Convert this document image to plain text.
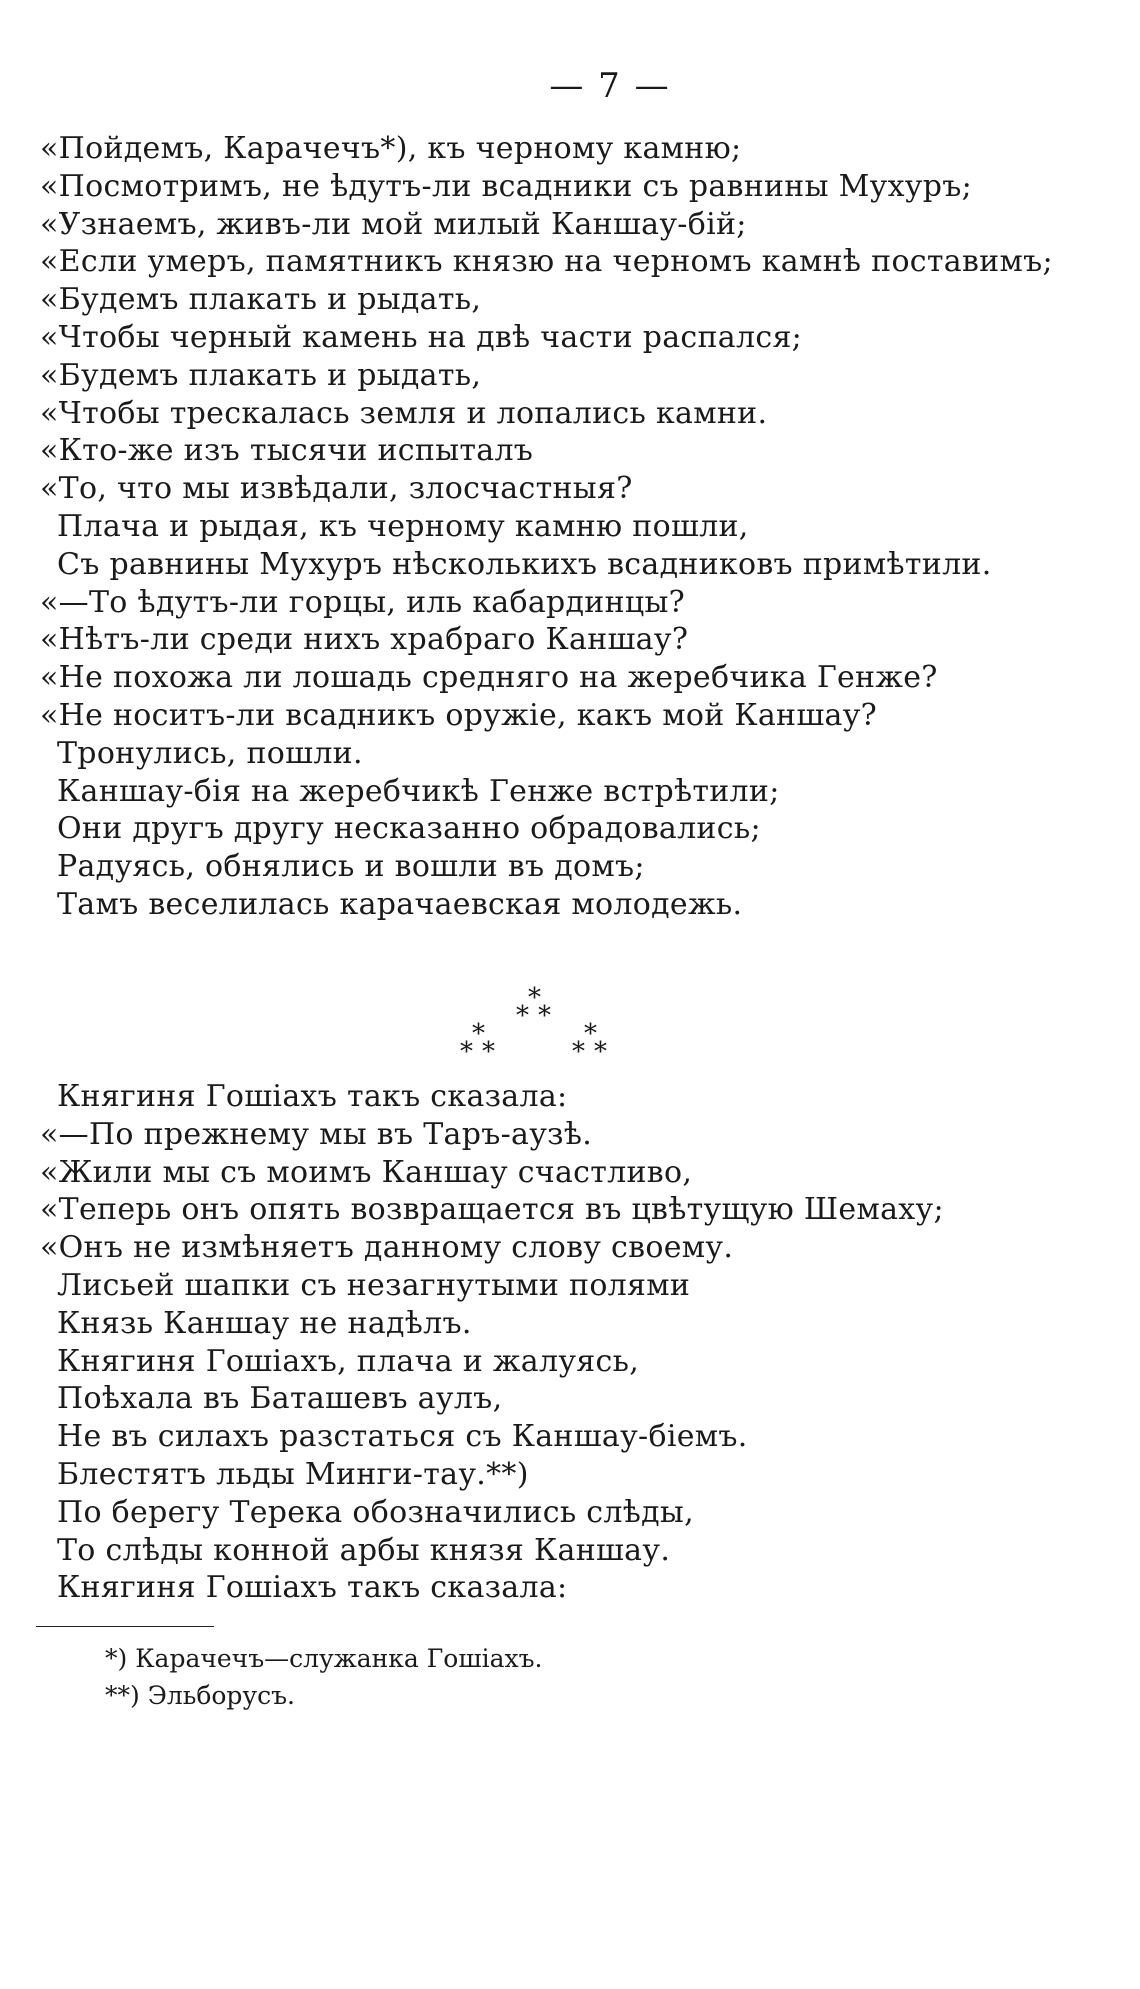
— 7 —
«Пойдемъ, Карачечъ*), къ черному камню;
«Посмотримъ, не ѣдутъ-ли всадники съ равнины Мухуръ;
«Узнаемъ, живъ-ли мой милый Каншау-бій;
«Если умеръ, памятникъ князю на черномъ камнѣ поставимъ;
«Будемъ плакать и рыдать,
«Чтобы черный камень на двѣ части распался;
«Будемъ плакать и рыдать,
«Чтобы трескалась земля и лопались камни.
«Кто-же изъ тысячи испыталъ
«То, что мы извѣдали, злосчастныя?
Плача и рыдая, къ черному камню пошли,
Съ равнины Мухуръ нѣсколькихъ всадниковъ примѣтили.
«—То ѣдутъ-ли горцы, иль кабардинцы?
«Нѣтъ-ли среди нихъ храбраго Каншау?
«Не похожа ли лошадь средняго на жеребчика Генже?
«Не носитъ-ли всадникъ оружіе, какъ мой Каншау?
Тронулись, пошли.
Каншау-бія на жеребчикѣ Генже встрѣтили;
Они другъ другу несказанно обрадовались;
Радуясь, обнялись и вошли въ домъ;
Тамъ веселилась карачаевская молодежь.
*
* *
*
* *
*
* *
Княгиня Гошіахъ такъ сказала:
«—По прежнему мы въ Таръ-аузѣ.
«Жили мы съ моимъ Каншау счастливо,
«Теперь онъ опять возвращается въ цвѣтущую Шемаху;
«Онъ не измѣняетъ данному слову своему.
Лисьей шапки съ незагнутыми полями
Князь Каншау не надѣлъ.
Княгиня Гошіахъ, плача и жалуясь,
Поѣхала въ Баташевъ аулъ,
Не въ силахъ разстаться съ Каншау-біемъ.
Блестятъ льды Минги-тау.**)
По берегу Терека обозначились слѣды,
То слѣды конной арбы князя Каншау.
Княгиня Гошіахъ такъ сказала:
*) Карачечъ—служанка Гошіахъ.
**) Эльборусъ.
